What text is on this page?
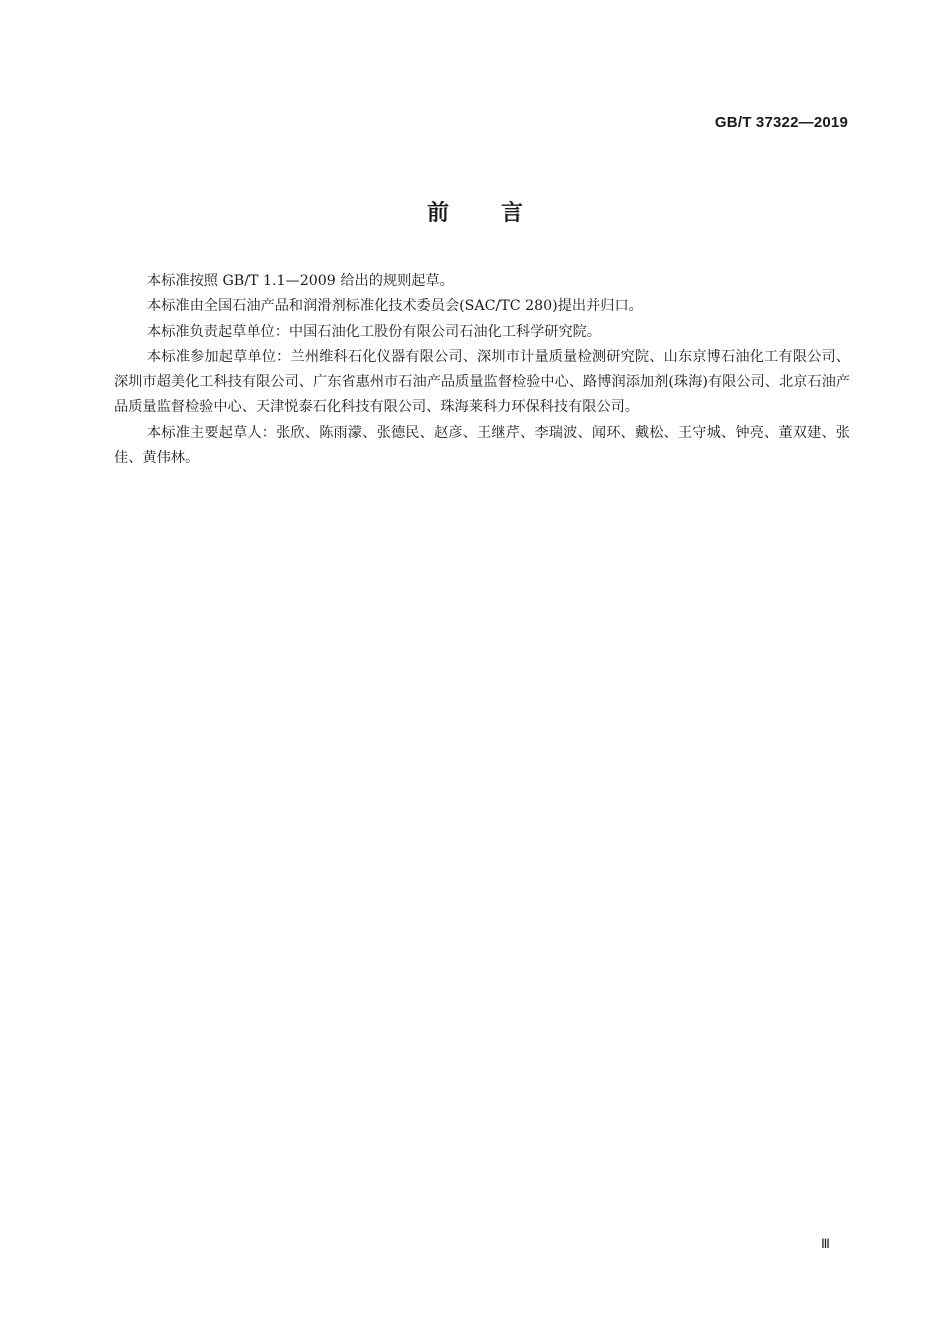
GB/T 37322—2019
前言

本标准按照 GB/T 1.1—2009 给出的规则起草。

本标准由全国石油产品和润滑剂标准化技术委员会(SAC/TC 280)提出并归口。

本标准负责起草单位：中国石油化工股份有限公司石油化工科学研究院。

本标准参加起草单位：兰州维科石化仪器有限公司、深圳市计量质量检测研究院、山东京博石油化工有限公司、深圳市超美化工科技有限公司、广东省惠州市石油产品质量监督检验中心、路博润添加剂(珠海)有限公司、北京石油产品质量监督检验中心、天津悦泰石化科技有限公司、珠海莱科力环保科技有限公司。

本标准主要起草人：张欣、陈雨濛、张德民、赵彦、王继芹、李瑞波、闻环、戴松、王守城、钟亮、董双建、张佳、黄伟林。

Ⅲ
